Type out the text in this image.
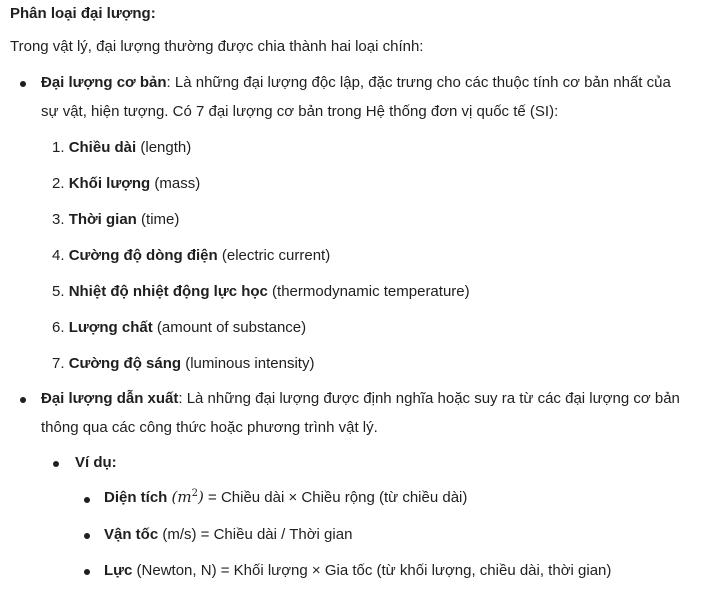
Phân loại đại lượng:
Trong vật lý, đại lượng thường được chia thành hai loại chính:
Đại lượng cơ bản: Là những đại lượng độc lập, đặc trưng cho các thuộc tính cơ bản nhất của
sự vật, hiện tượng. Có 7 đại lượng cơ bản trong Hệ thống đơn vị quốc tế (SI):
1. Chiều dài (length)
2. Khối lượng (mass)
3. Thời gian (time)
4. Cường độ dòng điện (electric current)
5. Nhiệt độ nhiệt động lực học (thermodynamic temperature)
6. Lượng chất (amount of substance)
7. Cường độ sáng (luminous intensity)
Đại lượng dẫn xuất: Là những đại lượng được định nghĩa hoặc suy ra từ các đại lượng cơ bản
thông qua các công thức hoặc phương trình vật lý.
Ví dụ:
Diện tích $(m^2)$ = Chiều dài × Chiều rộng (từ chiều dài)
Vận tốc (m/s) = Chiều dài / Thời gian
Lực (Newton, N) = Khối lượng × Gia tốc (từ khối lượng, chiều dài, thời gian)
